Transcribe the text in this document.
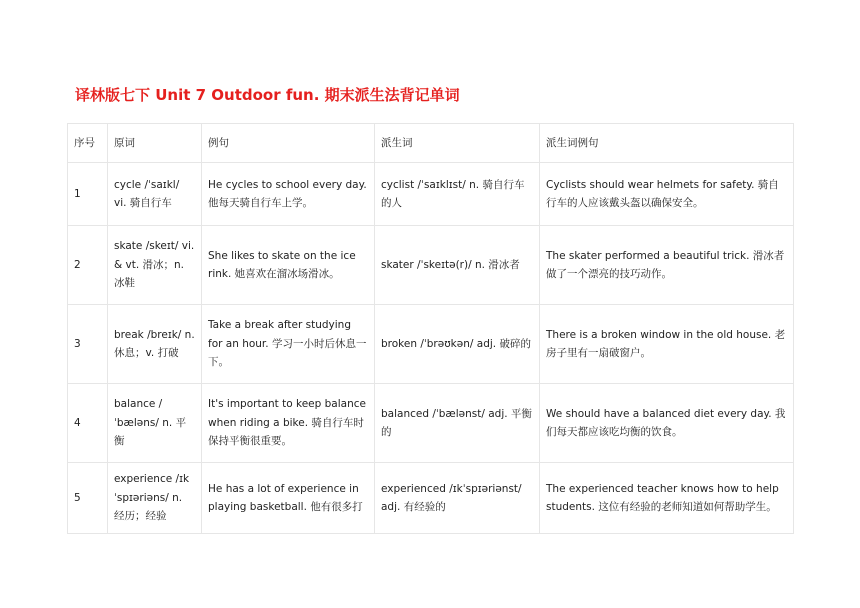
译林版七下 Unit 7 Outdoor fun. 期末派生法背记单词
序号	原词	例句	派生词	派生词例句
1	cycle /ˈsaɪkl/ vi. 骑自行车	He cycles to school every day. 他每天骑自行车上学。	cyclist /ˈsaɪklɪst/ n. 骑自行车的人	Cyclists should wear helmets for safety. 骑自行车的人应该戴头盔以确保安全。
2	skate /skeɪt/ vi. & vt. 滑冰；n. 冰鞋	She likes to skate on the ice rink. 她喜欢在溜冰场滑冰。	skater /ˈskeɪtə(r)/ n. 滑冰者	The skater performed a beautiful trick. 滑冰者做了一个漂亮的技巧动作。
3	break /breɪk/ n. 休息；v. 打破	Take a break after studying for an hour. 学习一小时后休息一下。	broken /ˈbrəʊkən/ adj. 破碎的	There is a broken window in the old house. 老房子里有一扇破窗户。
4	balance /ˈbæləns/ n. 平衡	It's important to keep balance when riding a bike. 骑自行车时保持平衡很重要。	balanced /ˈbælənst/ adj. 平衡的	We should have a balanced diet every day. 我们每天都应该吃均衡的饮食。
5	experience /ɪkˈspɪəriəns/ n. 经历；经验	He has a lot of experience in playing basketball. 他有很多打	experienced /ɪkˈspɪəriənst/ adj. 有经验的	The experienced teacher knows how to help students. 这位有经验的老师知道如何帮助学生。
